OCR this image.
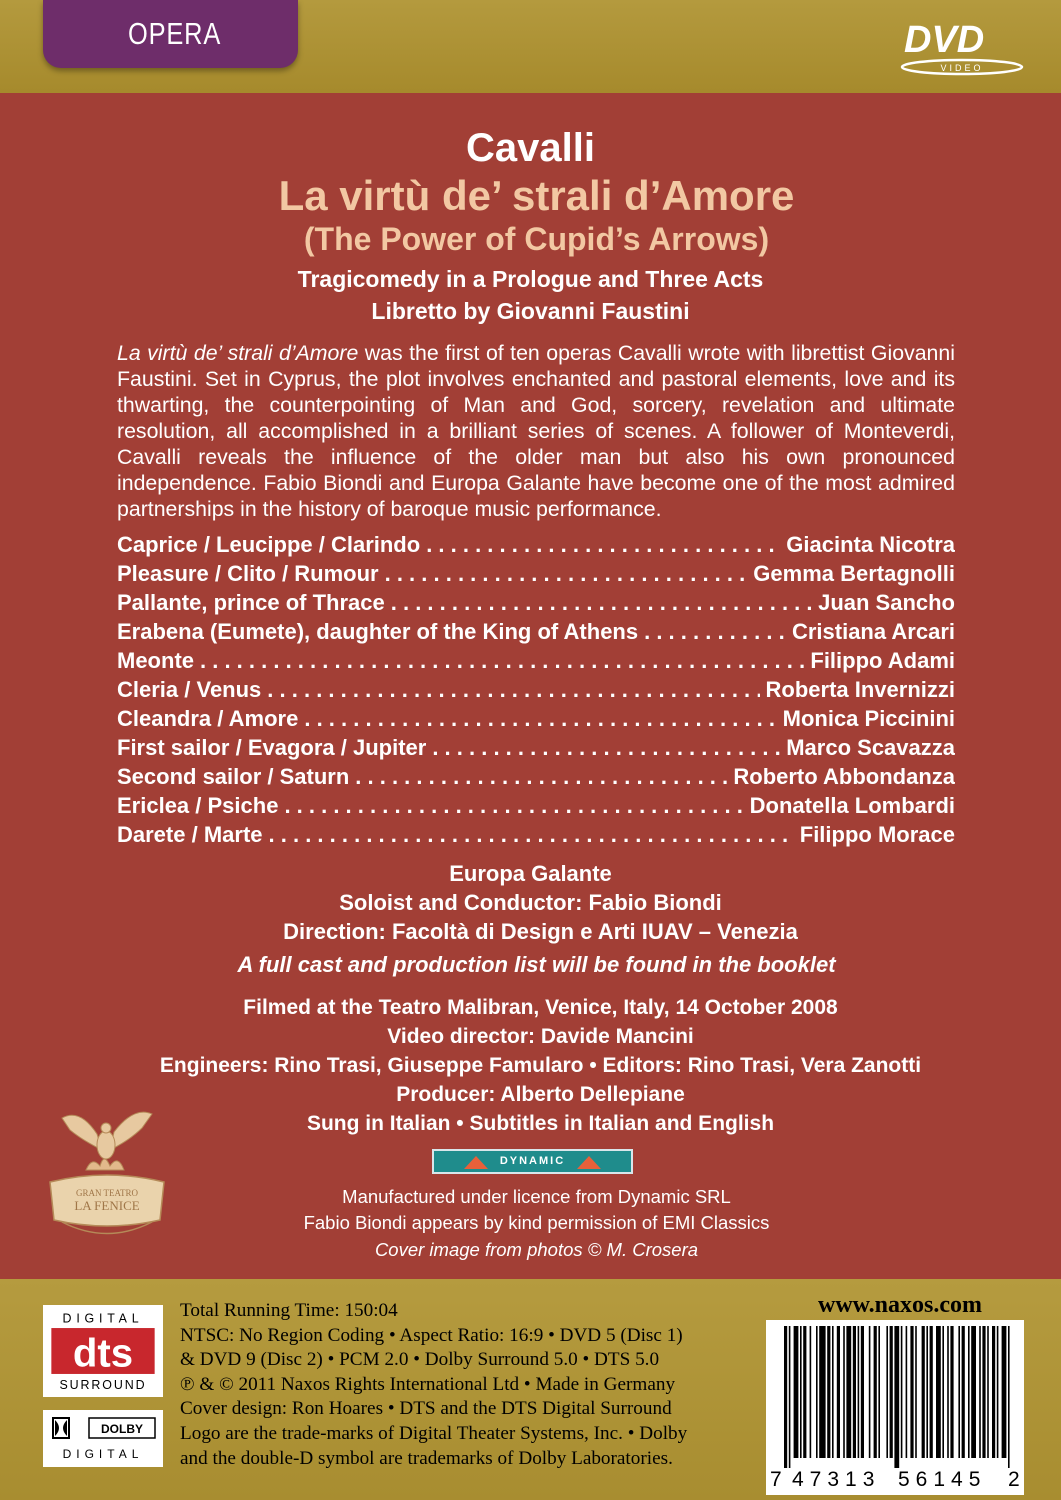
OPERA	DVD
VIDEO
Cavalli
La virtù de’ strali d’Amore
(The Power of Cupid’s Arrows)
Tragicomedy in a Prologue and Three Acts
Libretto by Giovanni Faustini

La virtù de’ strali d’Amore was the first of ten operas Cavalli wrote with librettist Giovanni Faustini. Set in Cyprus, the plot involves enchanted and pastoral elements, love and its thwarting, the counterpointing of Man and God, sorcery, revelation and ultimate resolution, all accomplished in a brilliant series of scenes. A follower of Monteverdi, Cavalli reveals the influence of the older man but also his own pronounced independence. Fabio Biondi and Europa Galante have become one of the most admired partnerships in the history of baroque music performance.

Caprice / Leucippe / Clarindo . . .	Giacinta Nicotra
Pleasure / Clito / Rumour . . .	Gemma Bertagnolli
Pallante, prince of Thrace . . .	Juan Sancho
Erabena (Eumete), daughter of the King of Athens . . .	Cristiana Arcari
Meonte . . .	Filippo Adami
Cleria / Venus . . .	Roberta Invernizzi
Cleandra / Amore . . .	Monica Piccinini
First sailor / Evagora / Jupiter . . .	Marco Scavazza
Second sailor / Saturn . . .	Roberto Abbondanza
Ericlea / Psiche . . .	Donatella Lombardi
Darete / Marte . . .	Filippo Morace
Europa Galante
Soloist and Conductor: Fabio Biondi
Direction: Facoltà di Design e Arti IUAV – Venezia
A full cast and production list will be found in the booklet
Filmed at the Teatro Malibran, Venice, Italy, 14 October 2008
Video director: Davide Mancini
Engineers: Rino Trasi, Giuseppe Famularo • Editors: Rino Trasi, Vera Zanotti
Producer: Alberto Dellepiane
Sung in Italian • Subtitles in Italian and English
DYNAMIC
Manufactured under licence from Dynamic SRL
Fabio Biondi appears by kind permission of EMI Classics
Cover image from photos © M. Crosera
GRAN TEATRO
LA FENICE
DIGITAL
dts
SURROUND
DOLBY
DIGITAL
Total Running Time: 150:04
NTSC: No Region Coding • Aspect Ratio: 16:9 • DVD 5 (Disc 1)
& DVD 9 (Disc 2) • PCM 2.0 • Dolby Surround 5.0 • DTS 5.0
℗ & © 2011 Naxos Rights International Ltd • Made in Germany
Cover design: Ron Hoares • DTS and the DTS Digital Surround
Logo are the trade-marks of Digital Theater Systems, Inc. • Dolby
and the double-D symbol are trademarks of Dolby Laboratories.
www.naxos.com
7 47313 56145 2
